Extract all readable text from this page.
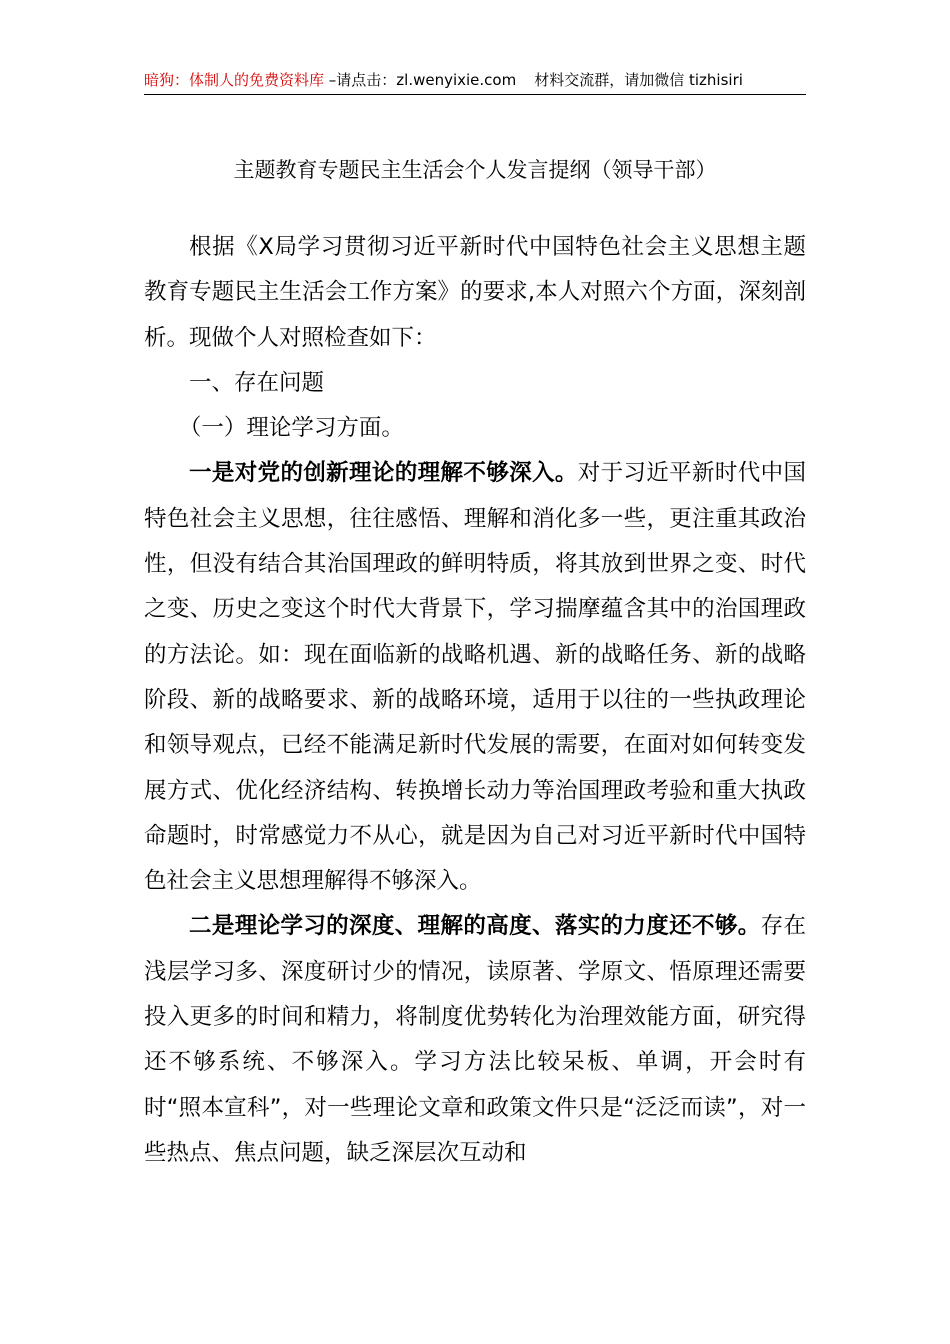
暗狗：体制人的免费资料库 –请点击：zl.wenyixie.com 材料交流群，请加微信 tizhisiri
主题教育专题民主生活会个人发言提纲（领导干部）

根据《X局学习贯彻习近平新时代中国特色社会主义思想主题教育专题民主生活会工作方案》的要求,本人对照六个方面，深刻剖析。现做个人对照检查如下：

一、存在问题

（一）理论学习方面。

一是对党的创新理论的理解不够深入。对于习近平新时代中国特色社会主义思想，往往感悟、理解和消化多一些，更注重其政治性，但没有结合其治国理政的鲜明特质，将其放到世界之变、时代之变、历史之变这个时代大背景下，学习揣摩蕴含其中的治国理政的方法论。如：现在面临新的战略机遇、新的战略任务、新的战略阶段、新的战略要求、新的战略环境，适用于以往的一些执政理论和领导观点，已经不能满足新时代发展的需要，在面对如何转变发展方式、优化经济结构、转换增长动力等治国理政考验和重大执政命题时，时常感觉力不从心，就是因为自己对习近平新时代中国特色社会主义思想理解得不够深入。

二是理论学习的深度、理解的高度、落实的力度还不够。存在浅层学习多、深度研讨少的情况，读原著、学原文、悟原理还需要投入更多的时间和精力，将制度优势转化为治理效能方面，研究得还不够系统、不够深入。学习方法比较呆板、单调，开会时有时“照本宣科”，对一些理论文章和政策文件只是“泛泛而读”，对一些热点、焦点问题，缺乏深层次互动和
